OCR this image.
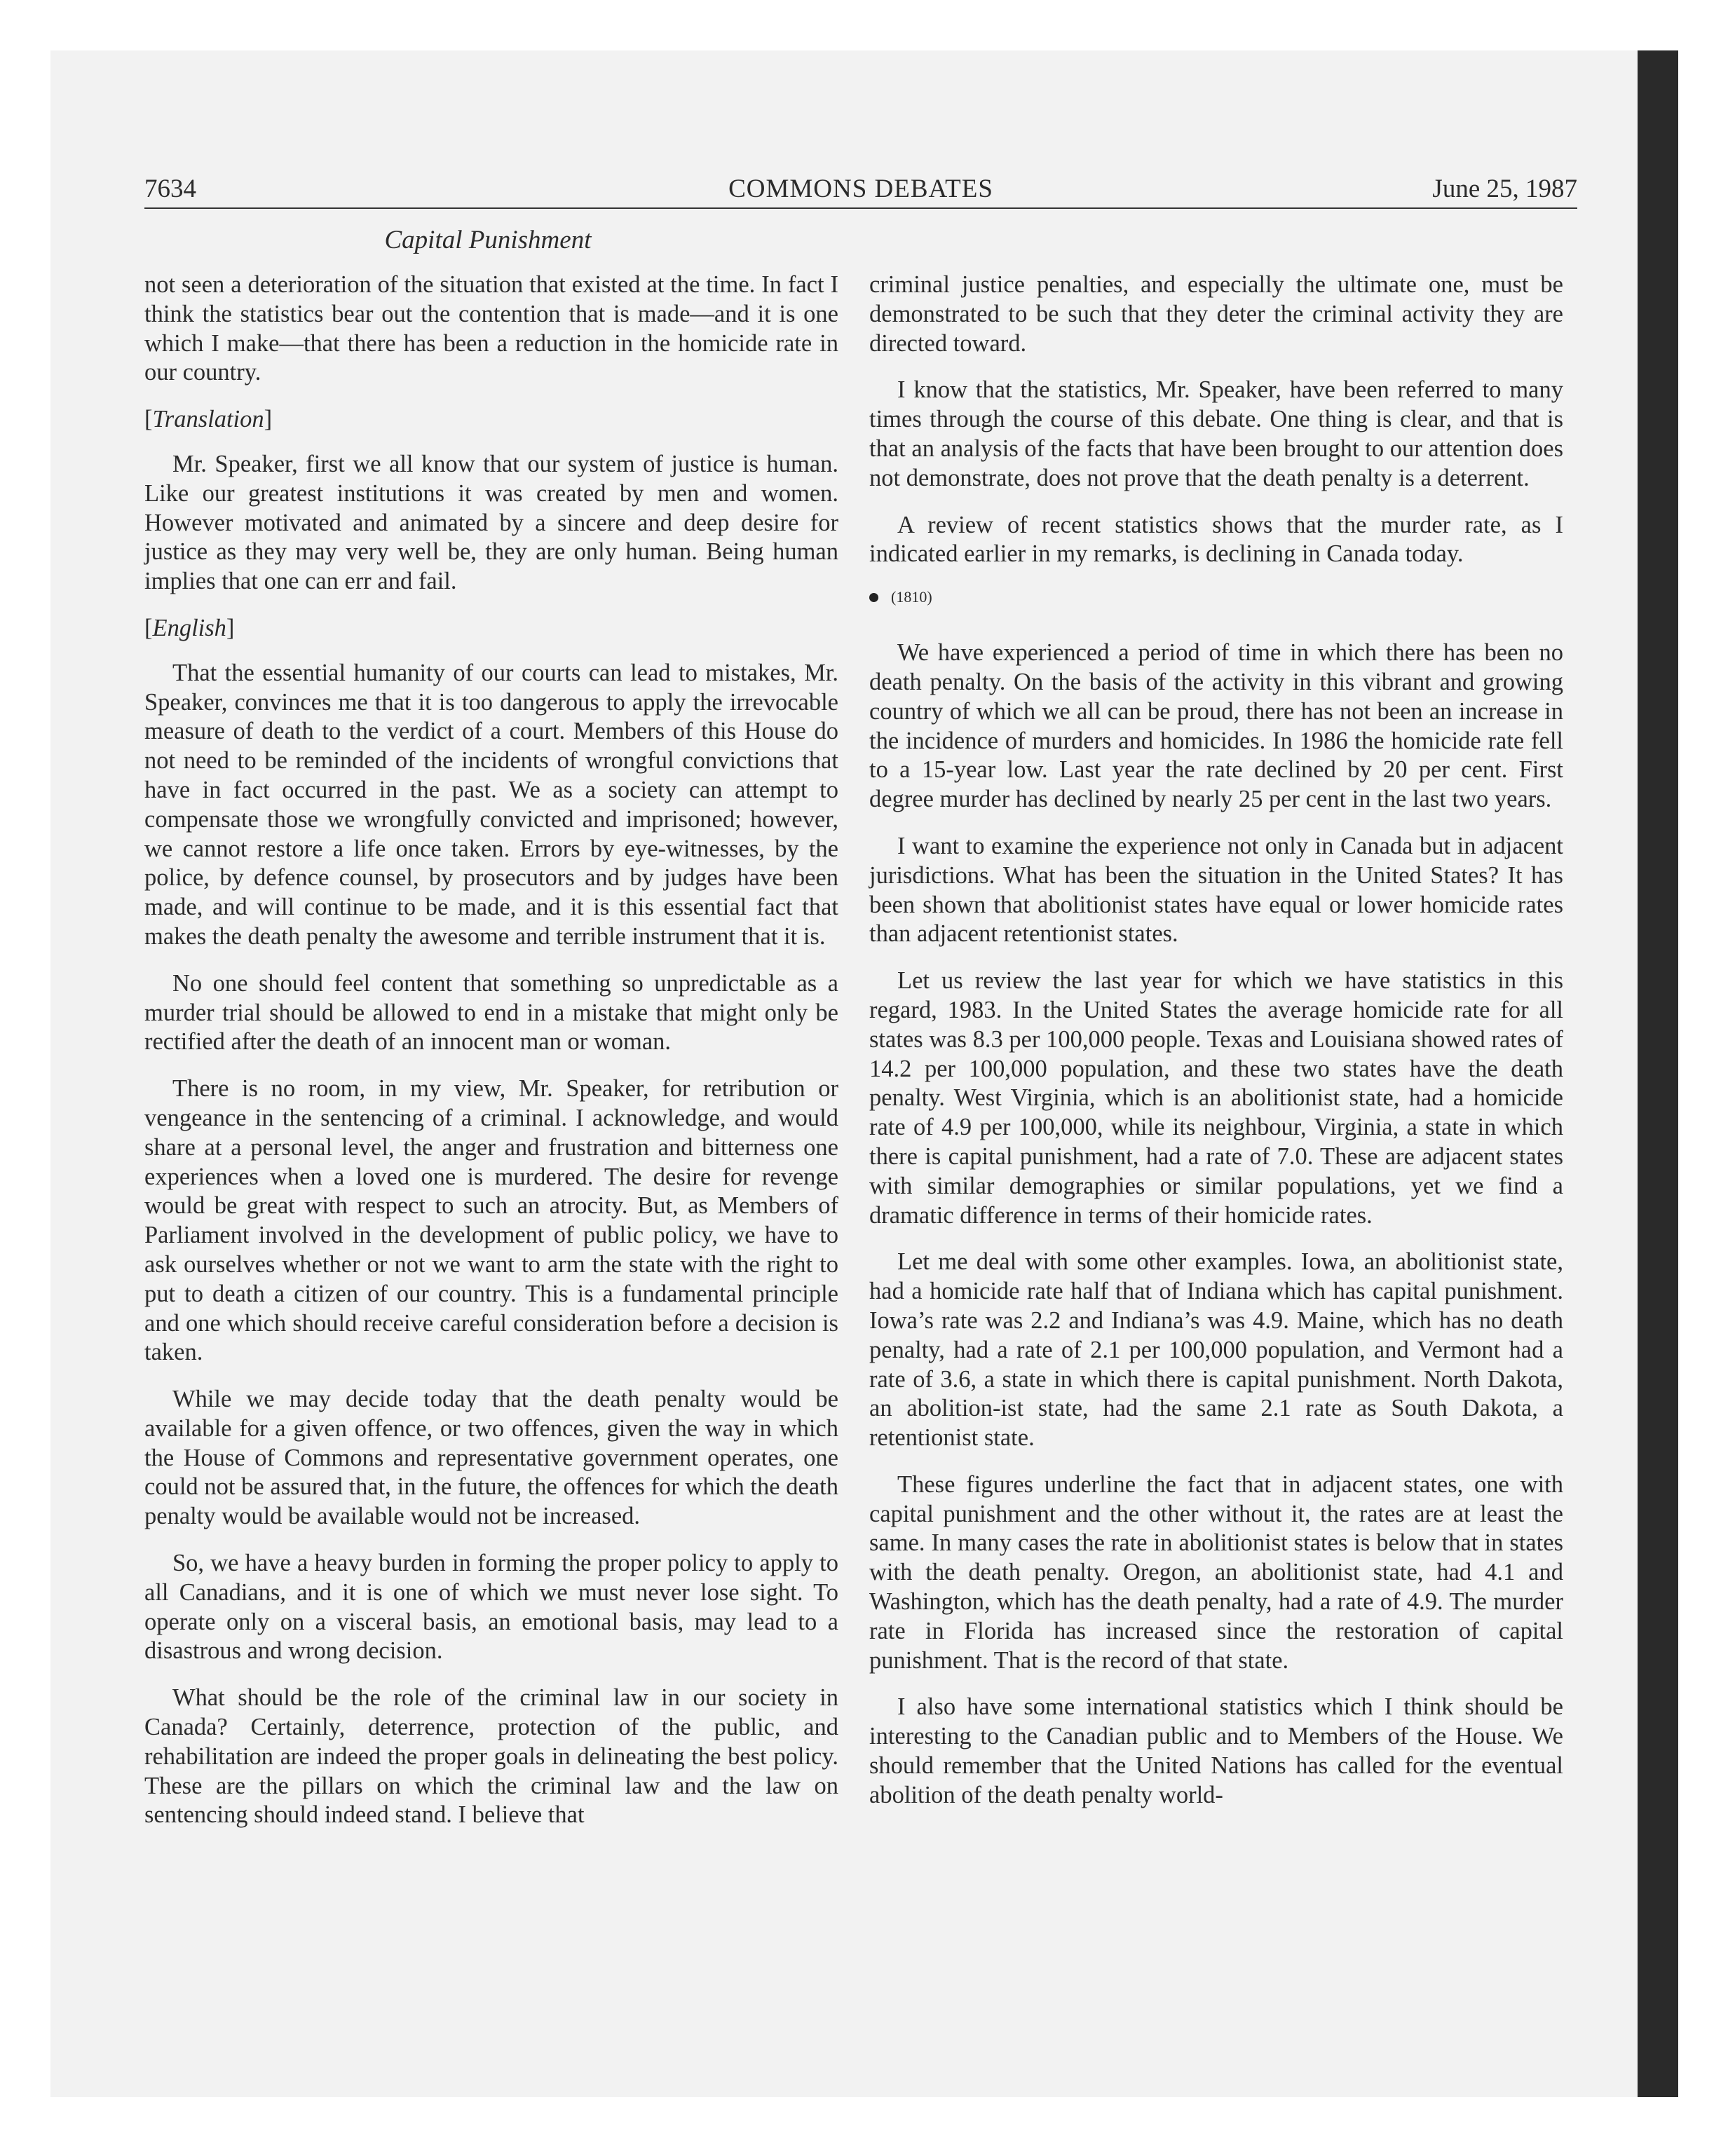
7634	COMMONS DEBATES	June 25, 1987
Capital Punishment

not seen a deterioration of the situation that existed at the time. In fact I think the statistics bear out the contention that is made—and it is one which I make—that there has been a reduction in the homicide rate in our country.

[Translation]

Mr. Speaker, first we all know that our system of justice is human. Like our greatest institutions it was created by men and women. However motivated and animated by a sincere and deep desire for justice as they may very well be, they are only human. Being human implies that one can err and fail.

[English]

That the essential humanity of our courts can lead to mistakes, Mr. Speaker, convinces me that it is too dangerous to apply the irrevocable measure of death to the verdict of a court. Members of this House do not need to be reminded of the incidents of wrongful convictions that have in fact occurred in the past. We as a society can attempt to compensate those we wrongfully convicted and imprisoned; however, we cannot restore a life once taken. Errors by eye-witnesses, by the police, by defence counsel, by prosecutors and by judges have been made, and will continue to be made, and it is this essential fact that makes the death penalty the awesome and terrible instrument that it is.

No one should feel content that something so unpredictable as a murder trial should be allowed to end in a mistake that might only be rectified after the death of an innocent man or woman.

There is no room, in my view, Mr. Speaker, for retribution or vengeance in the sentencing of a criminal. I acknowledge, and would share at a personal level, the anger and frustration and bitterness one experiences when a loved one is murdered. The desire for revenge would be great with respect to such an atrocity. But, as Members of Parliament involved in the development of public policy, we have to ask ourselves whether or not we want to arm the state with the right to put to death a citizen of our country. This is a fundamental principle and one which should receive careful consideration before a decision is taken.

While we may decide today that the death penalty would be available for a given offence, or two offences, given the way in which the House of Commons and representative government operates, one could not be assured that, in the future, the offences for which the death penalty would be available would not be increased.

So, we have a heavy burden in forming the proper policy to apply to all Canadians, and it is one of which we must never lose sight. To operate only on a visceral basis, an emotional basis, may lead to a disastrous and wrong decision.

What should be the role of the criminal law in our society in Canada? Certainly, deterrence, protection of the public, and rehabilitation are indeed the proper goals in delineating the best policy. These are the pillars on which the criminal law and the law on sentencing should indeed stand. I believe that

criminal justice penalties, and especially the ultimate one, must be demonstrated to be such that they deter the criminal activity they are directed toward.

I know that the statistics, Mr. Speaker, have been referred to many times through the course of this debate. One thing is clear, and that is that an analysis of the facts that have been brought to our attention does not demonstrate, does not prove that the death penalty is a deterrent.

A review of recent statistics shows that the murder rate, as I indicated earlier in my remarks, is declining in Canada today.

(1810)

We have experienced a period of time in which there has been no death penalty. On the basis of the activity in this vibrant and growing country of which we all can be proud, there has not been an increase in the incidence of murders and homicides. In 1986 the homicide rate fell to a 15-year low. Last year the rate declined by 20 per cent. First degree murder has declined by nearly 25 per cent in the last two years.

I want to examine the experience not only in Canada but in adjacent jurisdictions. What has been the situation in the United States? It has been shown that abolitionist states have equal or lower homicide rates than adjacent retentionist states.

Let us review the last year for which we have statistics in this regard, 1983. In the United States the average homicide rate for all states was 8.3 per 100,000 people. Texas and Louisiana showed rates of 14.2 per 100,000 population, and these two states have the death penalty. West Virginia, which is an abolitionist state, had a homicide rate of 4.9 per 100,000, while its neighbour, Virginia, a state in which there is capital punishment, had a rate of 7.0. These are adjacent states with similar demographies or similar populations, yet we find a dramatic difference in terms of their homicide rates.

Let me deal with some other examples. Iowa, an abolitionist state, had a homicide rate half that of Indiana which has capital punishment. Iowa’s rate was 2.2 and Indiana’s was 4.9. Maine, which has no death penalty, had a rate of 2.1 per 100,000 population, and Vermont had a rate of 3.6, a state in which there is capital punishment. North Dakota, an abolition-ist state, had the same 2.1 rate as South Dakota, a retentionist state.

These figures underline the fact that in adjacent states, one with capital punishment and the other without it, the rates are at least the same. In many cases the rate in abolitionist states is below that in states with the death penalty. Oregon, an abolitionist state, had 4.1 and Washington, which has the death penalty, had a rate of 4.9. The murder rate in Florida has increased since the restoration of capital punishment. That is the record of that state.

I also have some international statistics which I think should be interesting to the Canadian public and to Members of the House. We should remember that the United Nations has called for the eventual abolition of the death penalty world-
